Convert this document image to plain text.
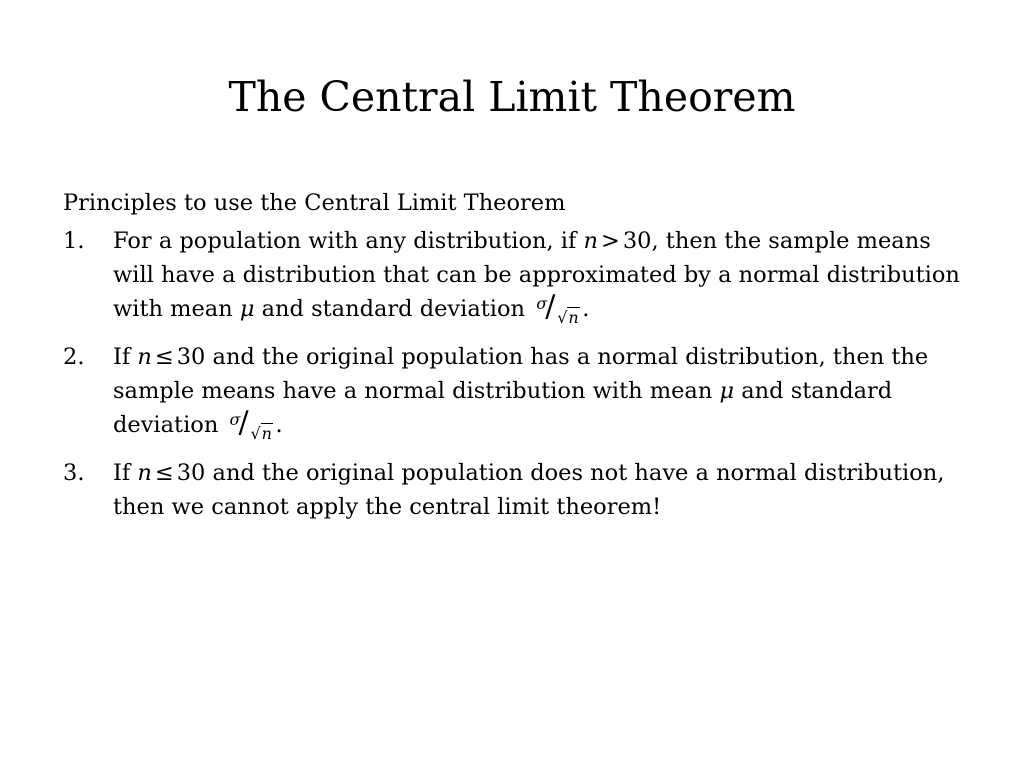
The Central Limit Theorem

Principles to use the Central Limit Theorem

1. For a population with any distribution, if n > 30, then the sample means will have a distribution that can be approximated by a normal distribution with mean μ and standard deviation σ
/ √n .
2. If n ≤ 30 and the original population has a normal distribution, then the sample means have a normal distribution with mean μ and standard deviation σ
/ √n .
3. If n ≤ 30 and the original population does not have a normal distribution, then we cannot apply the central limit theorem!
